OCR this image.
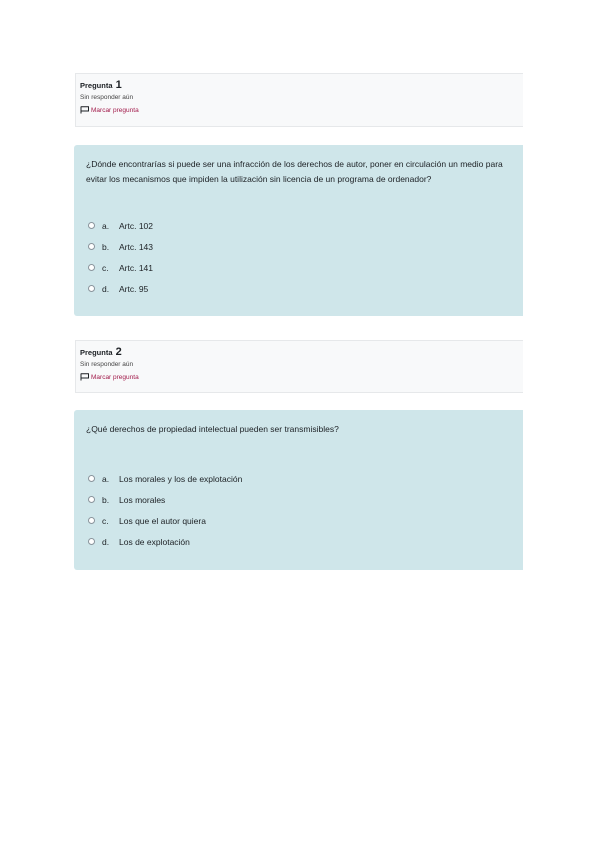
Pregunta 1
Sin responder aún
Marcar pregunta
¿Dónde encontrarías si puede ser una infracción de los derechos de autor, poner en circulación un medio para evitar los mecanismos que impiden la utilización sin licencia de un programa de ordenador?
a.	Artc. 102
b.	Artc. 143
c.	Artc. 141
d.	Artc. 95
Pregunta 2
Sin responder aún
Marcar pregunta
¿Qué derechos de propiedad intelectual pueden ser transmisibles?
a.	Los morales y los de explotación
b.	Los morales
c.	Los que el autor quiera
d.	Los de explotación
